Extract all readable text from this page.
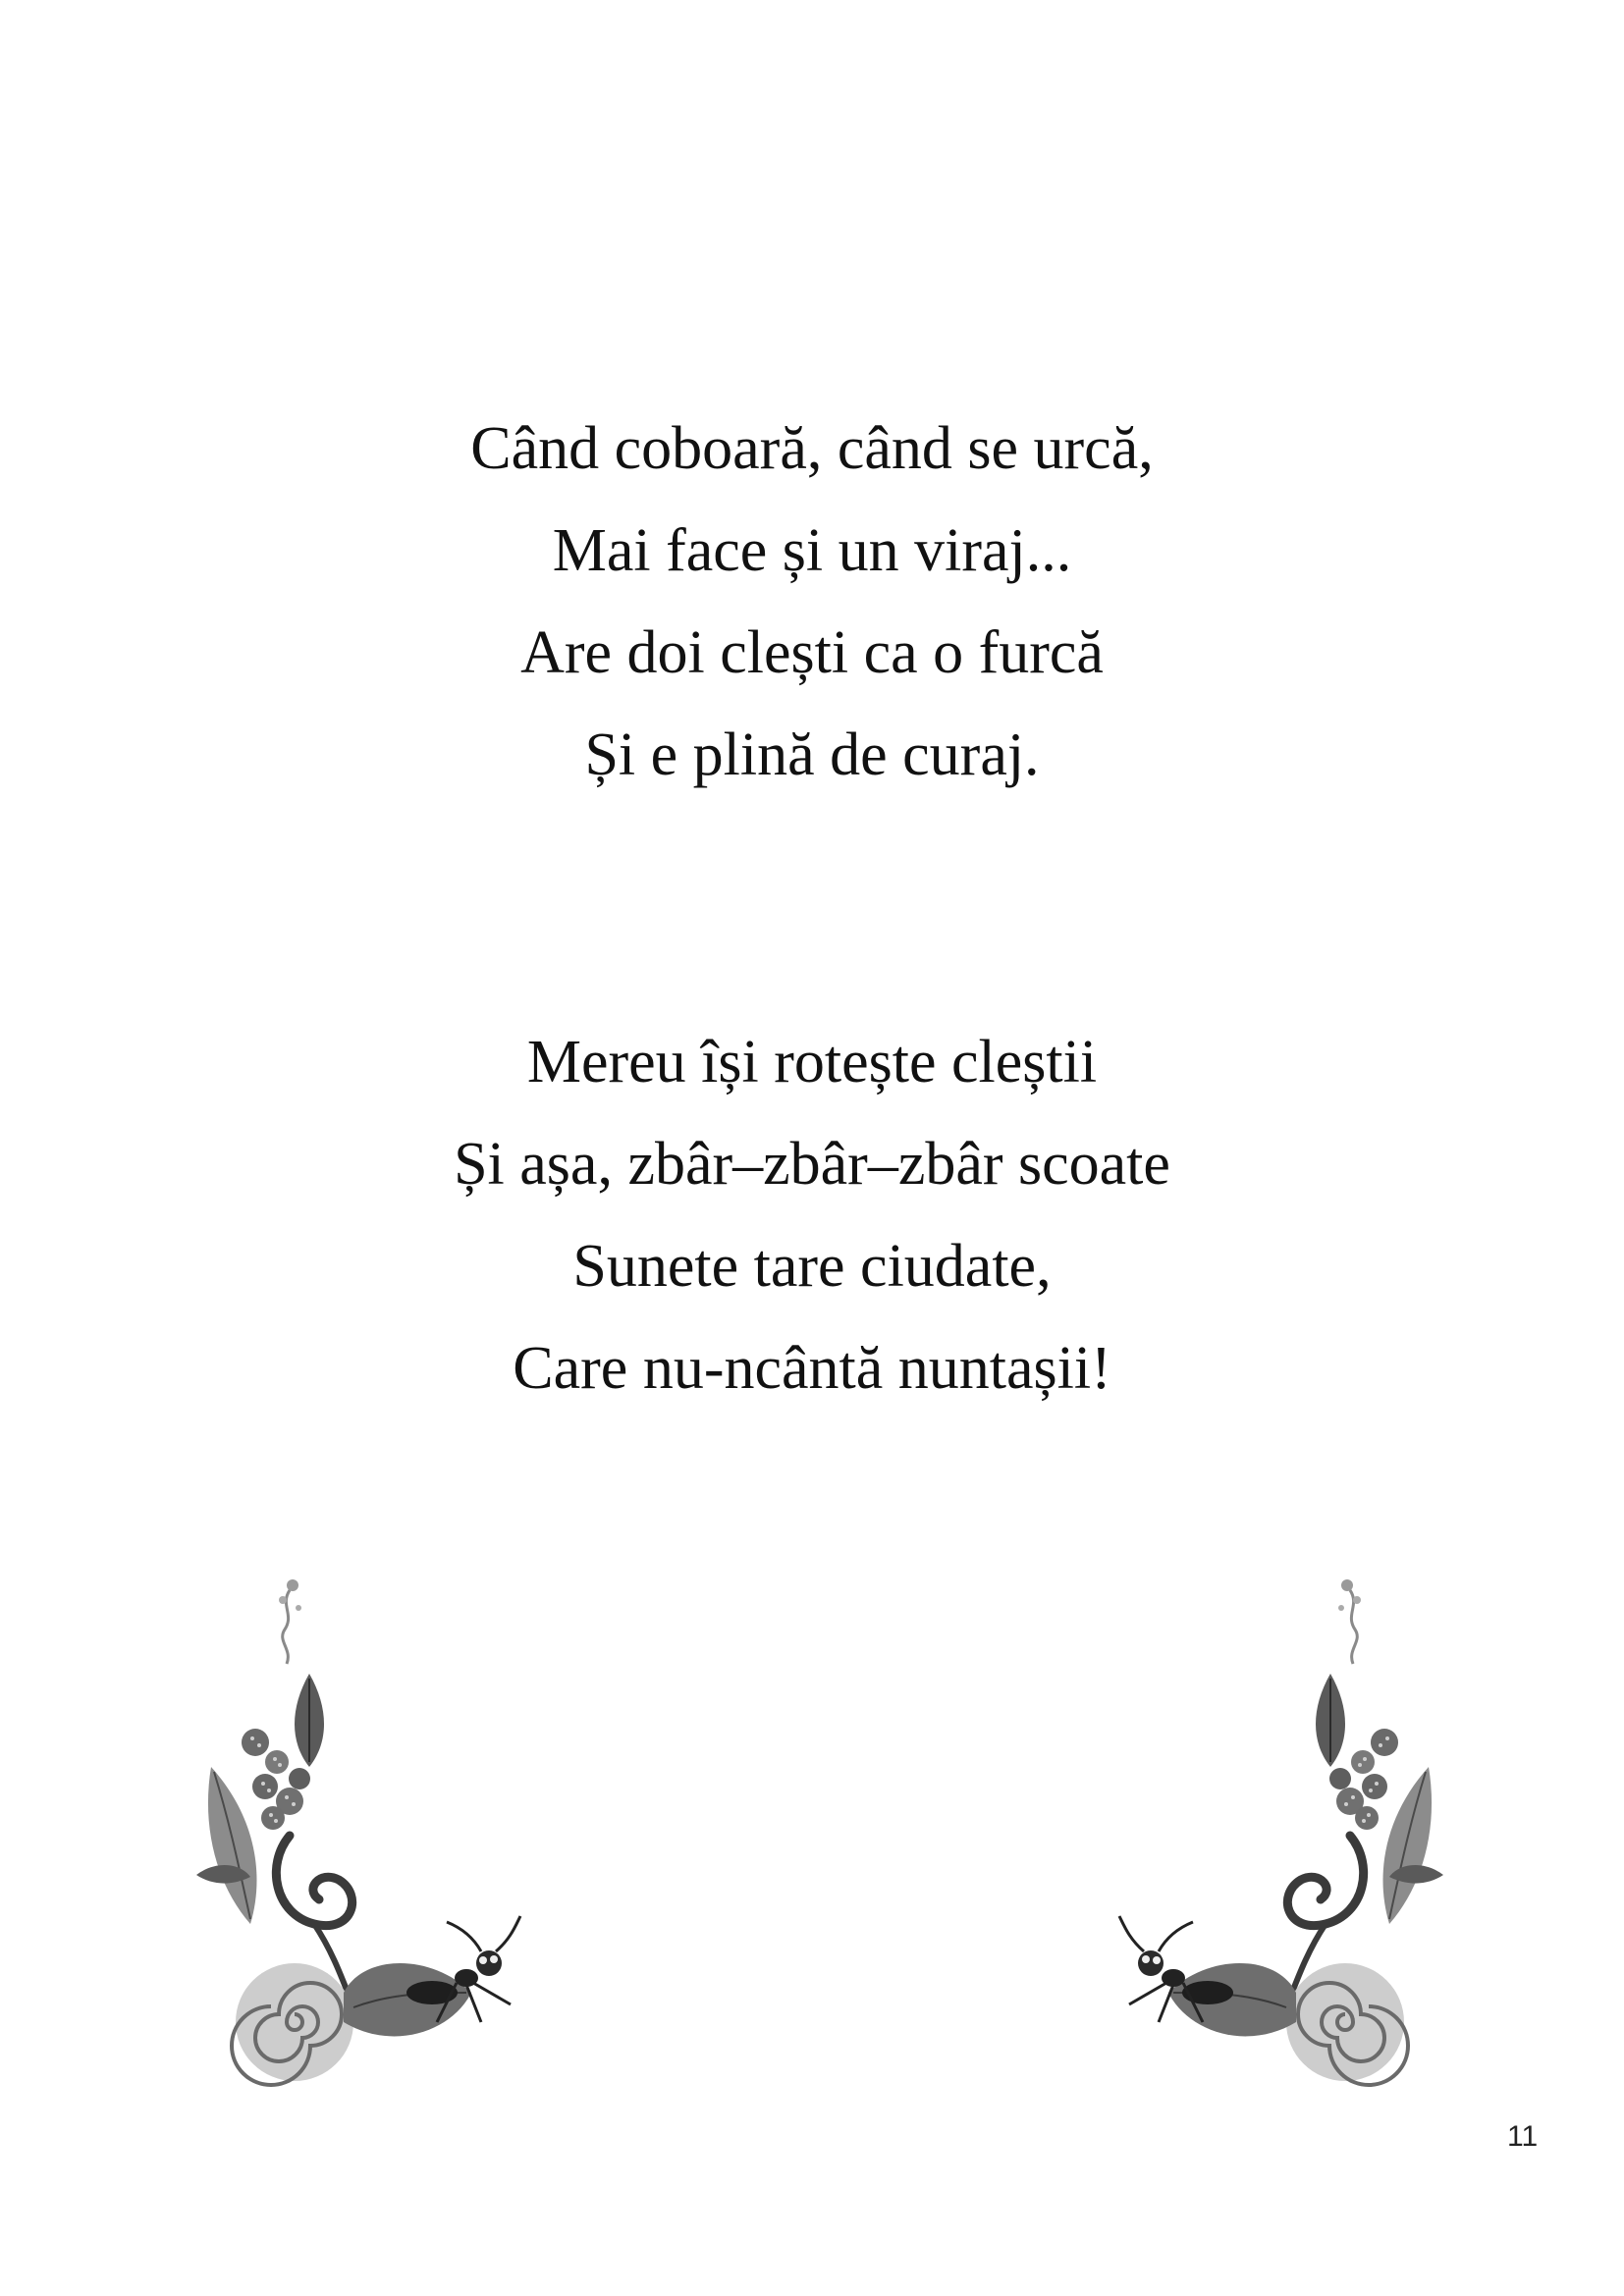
Când coboară, când se urcă,
Mai face și un viraj...
Are doi clești ca o furcă
Și e plină de curaj.
Mereu își rotește cleștii
Și așa, zbâr–zbâr–zbâr scoate
Sunete tare ciudate,
Care nu-ncântă nuntașii!
11
